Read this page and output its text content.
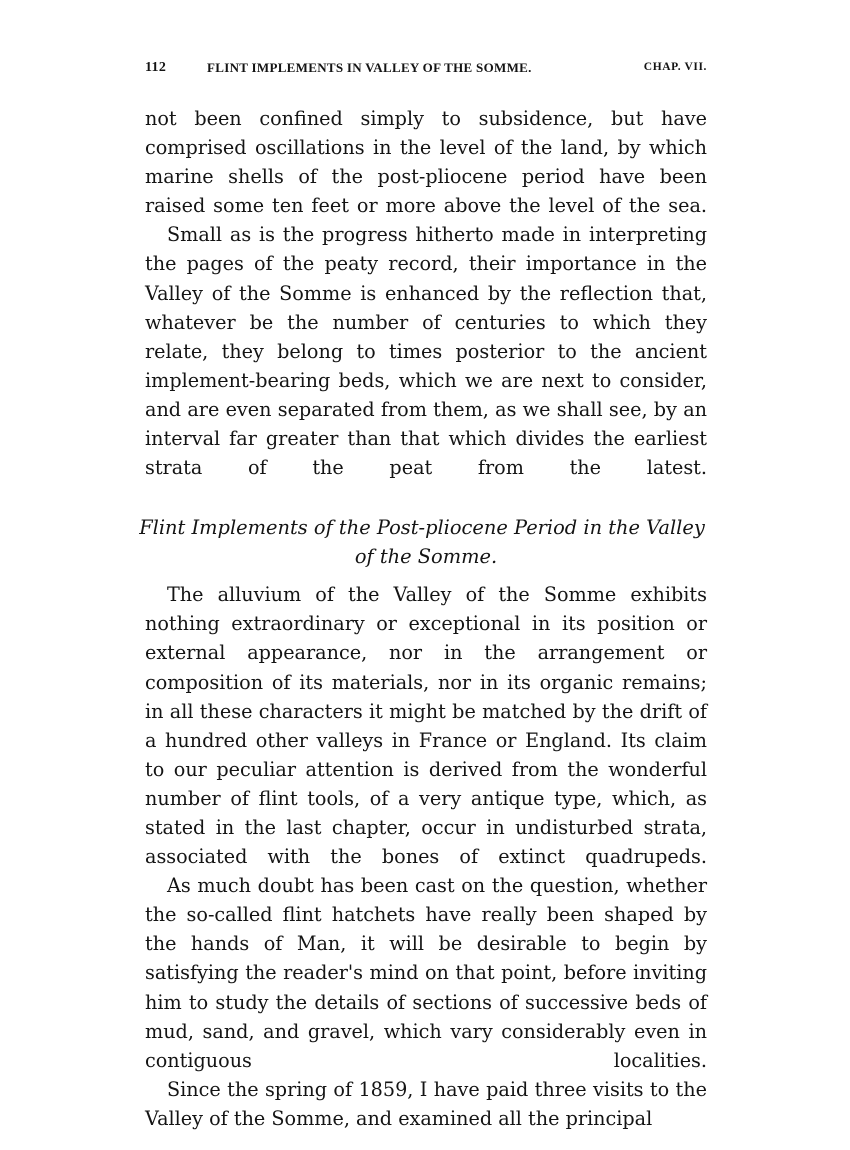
112	FLINT IMPLEMENTS IN VALLEY OF THE SOMME.	CHAP. VII.

not been confined simply to subsidence, but have comprised oscillations in the level of the land, by which marine shells of the post-pliocene period have been raised some ten feet or more above the level of the sea.

Small as is the progress hitherto made in interpreting the pages of the peaty record, their importance in the Valley of the Somme is enhanced by the reflection that, whatever be the number of centuries to which they relate, they belong to times posterior to the ancient implement-bearing beds, which we are next to consider, and are even separated from them, as we shall see, by an interval far greater than that which divides the earliest strata of the peat from the latest.

Flint Implements of the Post-pliocene Period in the Valley
of the Somme.

The alluvium of the Valley of the Somme exhibits nothing extraordinary or exceptional in its position or external appearance, nor in the arrangement or composition of its materials, nor in its organic remains; in all these characters it might be matched by the drift of a hundred other valleys in France or England. Its claim to our peculiar attention is derived from the wonderful number of flint tools, of a very antique type, which, as stated in the last chapter, occur in undisturbed strata, associated with the bones of extinct quadrupeds.

As much doubt has been cast on the question, whether the so-called flint hatchets have really been shaped by the hands of Man, it will be desirable to begin by satisfying the reader's mind on that point, before inviting him to study the details of sections of successive beds of mud, sand, and gravel, which vary considerably even in contiguous localities.

Since the spring of 1859, I have paid three visits to the Valley of the Somme, and examined all the principal
